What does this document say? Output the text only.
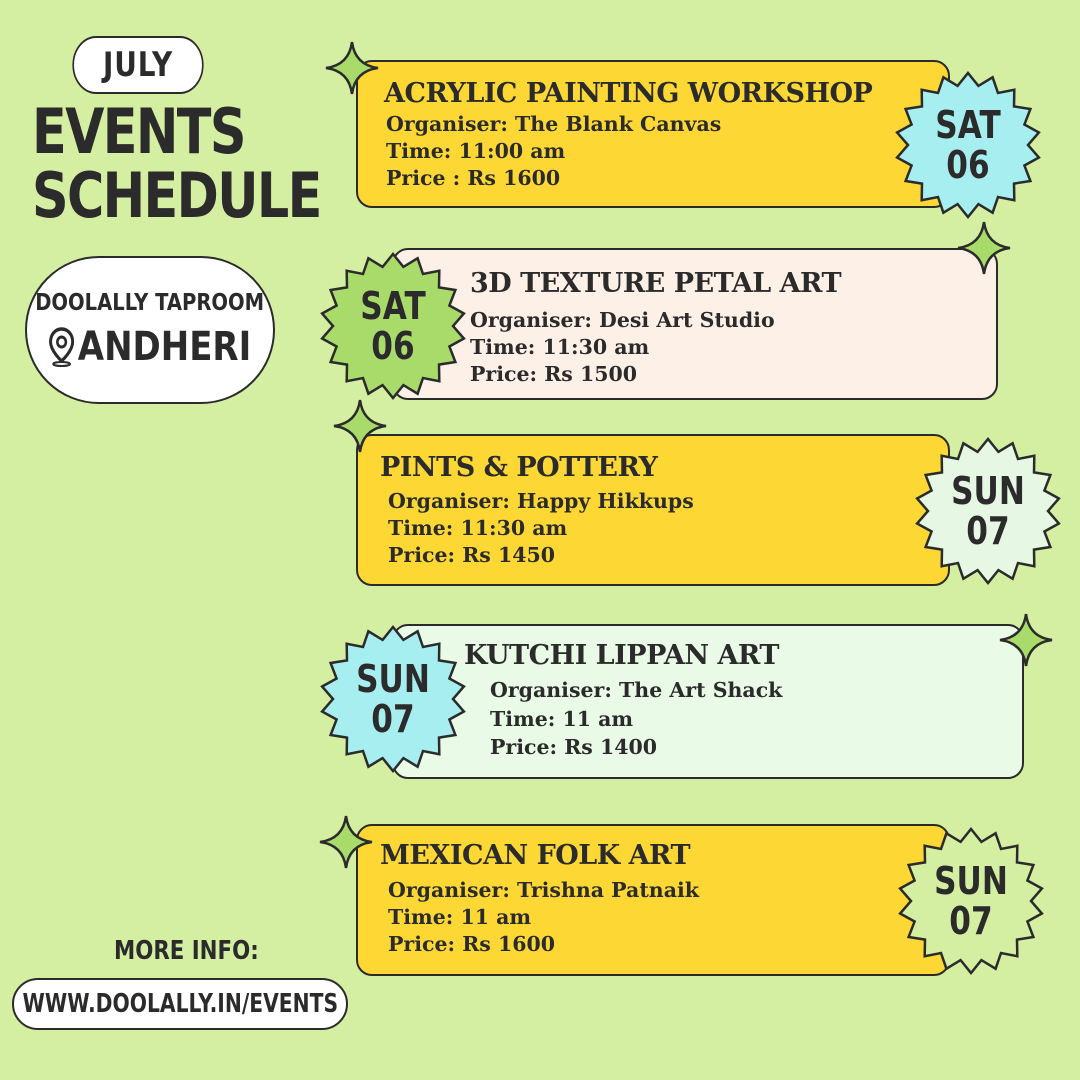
JULY
EVENTS
SCHEDULE
DOOLALLY TAPROOM
ANDHERI
MORE INFO:
WWW.DOOLALLY.IN/EVENTS
ACRYLIC PAINTING WORKSHOP
Organiser: The Blank Canvas
Time: 11:00 am
Price : Rs 1600
SAT
06
3D TEXTURE PETAL ART
Organiser: Desi Art Studio
Time: 11:30 am
Price: Rs 1500
SAT
06
PINTS & POTTERY
Organiser: Happy Hikkups
Time: 11:30 am
Price: Rs 1450
SUN
07
KUTCHI LIPPAN ART
Organiser: The Art Shack
Time: 11 am
Price: Rs 1400
SUN
07
MEXICAN FOLK ART
Organiser: Trishna Patnaik
Time: 11 am
Price: Rs 1600
SUN
07
